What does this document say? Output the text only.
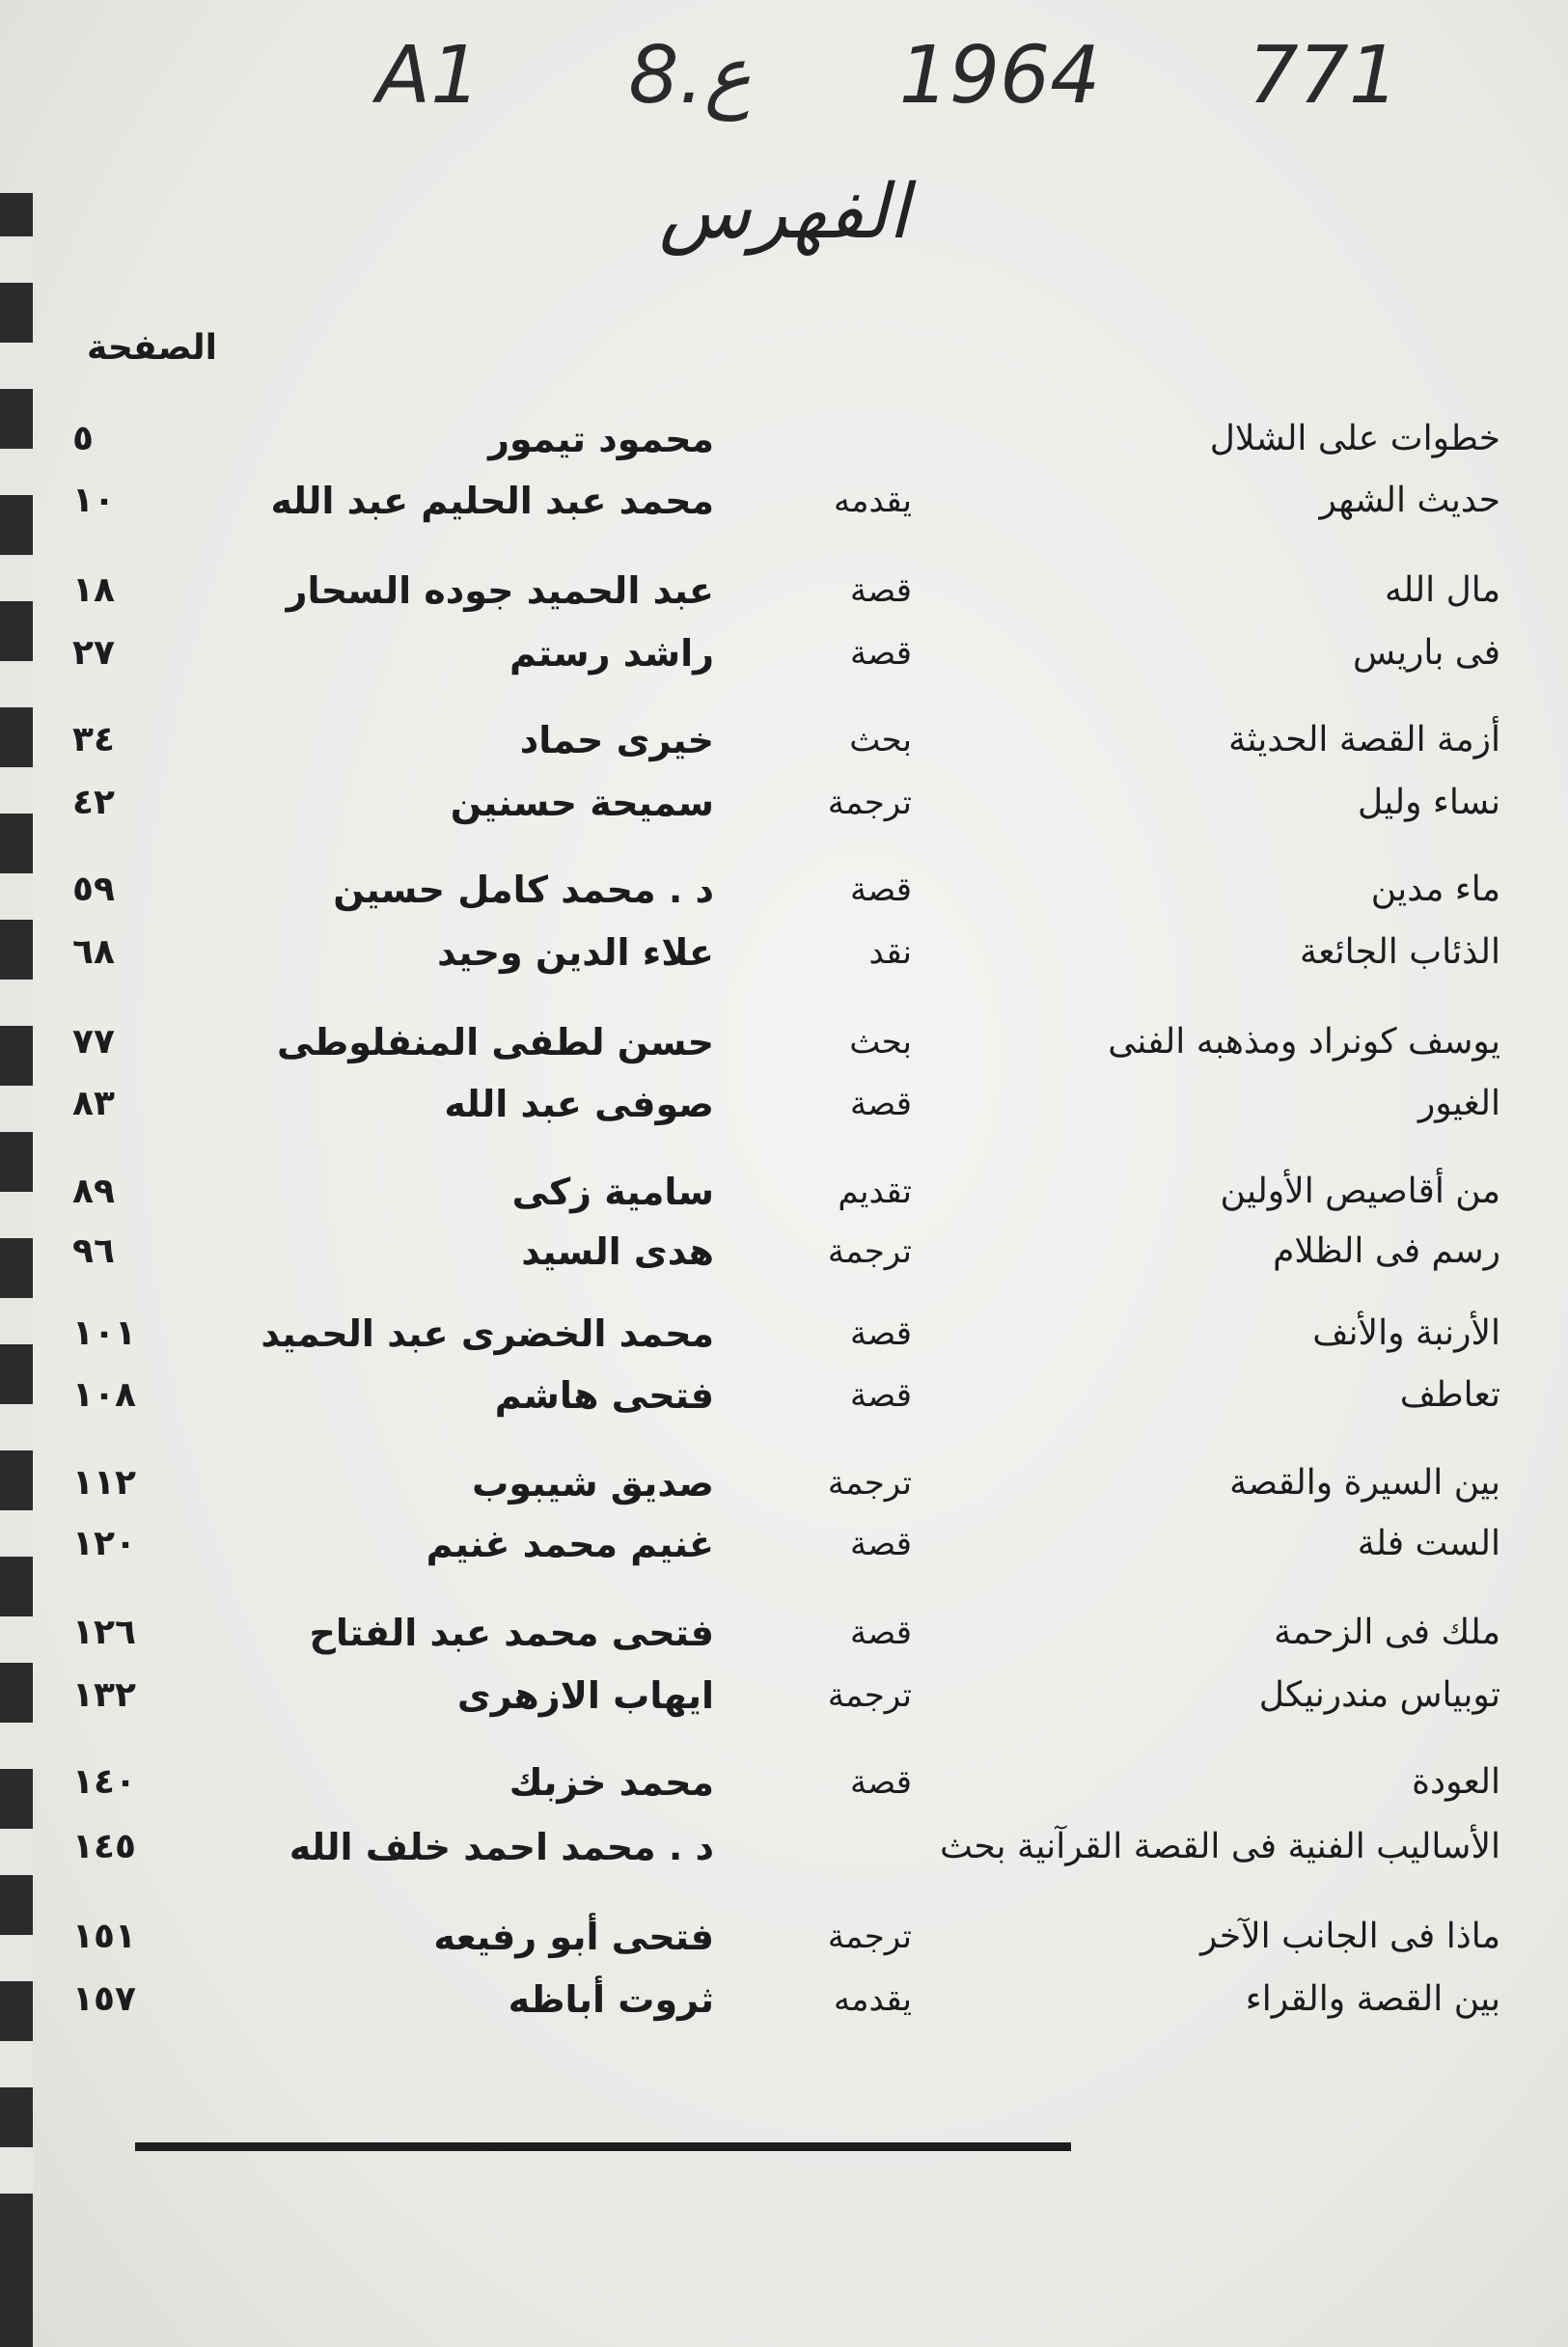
A1 8.ع 1964 771
الفهرس
الصفحة
خطوات على الشلال
محمود تيمور
٥
حديث الشهر
يقدمه
محمد عبد الحليم عبد الله
١٠
مال الله
قصة
عبد الحميد جوده السحار
١٨
فى باريس
قصة
راشد رستم
٢٧
أزمة القصة الحديثة
بحث
خيرى حماد
٣٤
نساء وليل
ترجمة
سميحة حسنين
٤٢
ماء مدين
قصة
د . محمد كامل حسين
٥٩
الذئاب الجائعة
نقد
علاء الدين وحيد
٦٨
يوسف كونراد ومذهبه الفنى
بحث
حسن لطفى المنفلوطى
٧٧
الغيور
قصة
صوفى عبد الله
٨٣
من أقاصيص الأولين
تقديم
سامية زكى
٨٩
رسم فى الظلام
ترجمة
هدى السيد
٩٦
الأرنبة والأنف
قصة
محمد الخضرى عبد الحميد
١٠١
تعاطف
قصة
فتحى هاشم
١٠٨
بين السيرة والقصة
ترجمة
صديق شيبوب
١١٢
الست فلة
قصة
غنيم محمد غنيم
١٢٠
ملك فى الزحمة
قصة
فتحى محمد عبد الفتاح
١٢٦
توبياس مندرنيكل
ترجمة
ايهاب الازهرى
١٣٢
العودة
قصة
محمد خزبك
١٤٠
الأساليب الفنية فى القصة القرآنية بحث
د . محمد احمد خلف الله
١٤٥
ماذا فى الجانب الآخر
ترجمة
فتحى أبو رفيعه
١٥١
بين القصة والقراء
يقدمه
ثروت أباظه
١٥٧
